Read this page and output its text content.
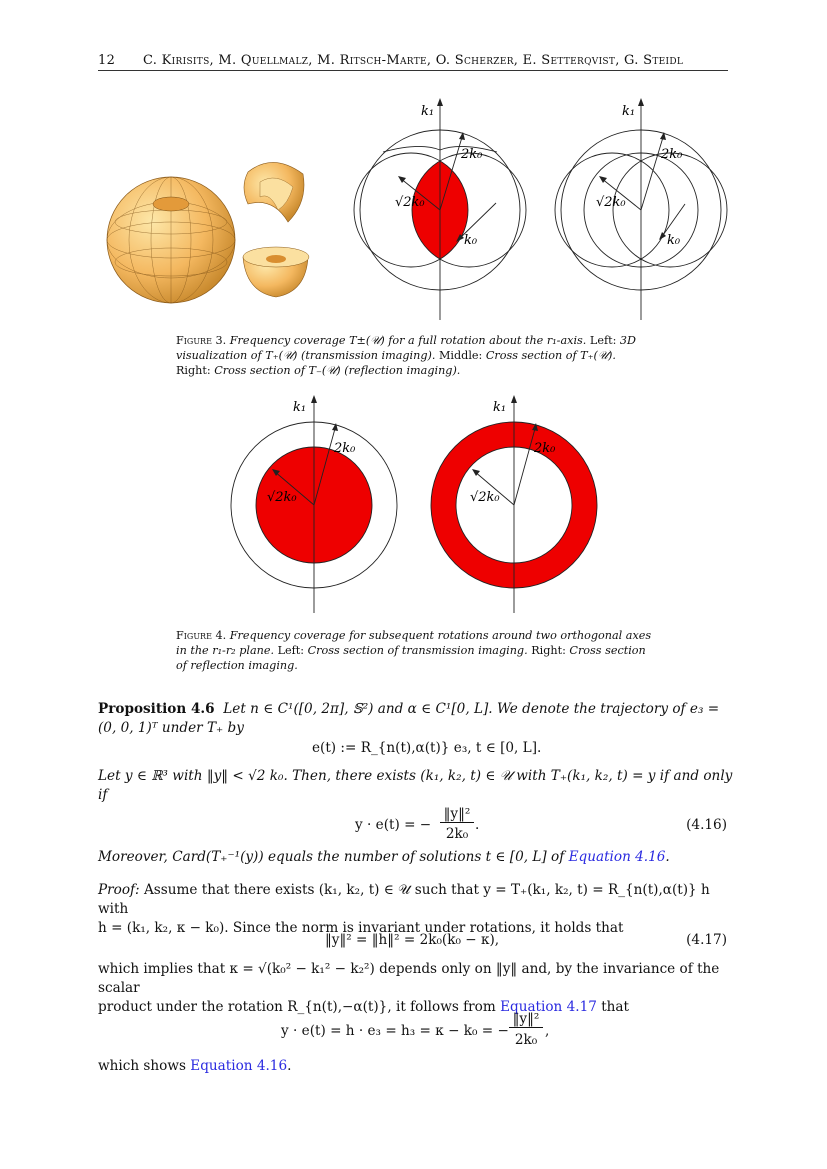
12 C. Kirisits, M. Quellmalz, M. Ritsch-Marte, O. Scherzer, E. Setterqvist, G. Steidl
k₁
2k₀
√2k₀
k₀
k₁
2k₀
√2k₀
k₀
Figure 3. Frequency coverage T±(𝒰) for a full rotation about the r₁-axis. Left: 3D visualization of T₊(𝒰) (transmission imaging). Middle: Cross section of T₊(𝒰). Right: Cross section of T₋(𝒰) (reflection imaging).
k₁
2k₀
√2k₀
k₁
2k₀
√2k₀
Figure 4. Frequency coverage for subsequent rotations around two orthogonal axes in the r₁-r₂ plane. Left: Cross section of transmission imaging. Right: Cross section of reflection imaging.
Proposition 4.6 Let n ∈ C¹([0, 2π], 𝕊²) and α ∈ C¹[0, L]. We denote the trajectory of e₃ =
(0, 0, 1)ᵀ under T₊ by
e(t) := R_{n(t),α(t)} e₃, t ∈ [0, L].
Let y ∈ ℝ³ with ‖y‖ < √2 k₀. Then, there exists (k₁, k₂, t) ∈ 𝒰 with T₊(k₁, k₂, t) = y if and only
if
y · e(t) = −
‖y‖²
2k₀
.	(4.16)
Moreover, Card(T₊⁻¹(y)) equals the number of solutions t ∈ [0, L] of Equation 4.16.
Proof: Assume that there exists (k₁, k₂, t) ∈ 𝒰 such that y = T₊(k₁, k₂, t) = R_{n(t),α(t)} h with
h = (k₁, k₂, κ − k₀). Since the norm is invariant under rotations, it holds that
‖y‖² = ‖h‖² = 2k₀(k₀ − κ),	(4.17)
which implies that κ = √(k₀² − k₁² − k₂²) depends only on ‖y‖ and, by the invariance of the scalar
product under the rotation R_{n(t),−α(t)}, it follows from Equation 4.17 that
y · e(t) = h · e₃ = h₃ = κ − k₀ = −
‖y‖²
2k₀
,
which shows Equation 4.16.
